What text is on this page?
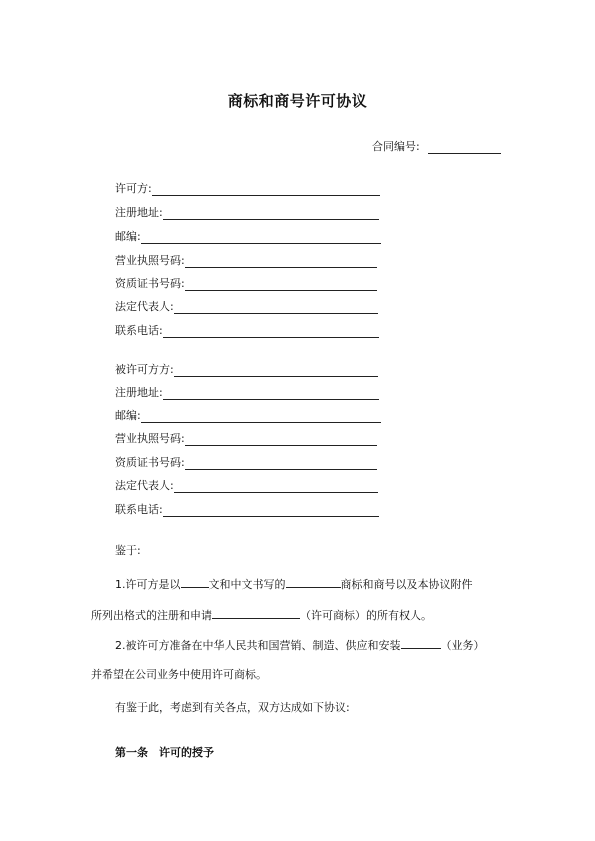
商标和商号许可协议
合同编号:
许可方:
注册地址:
邮编:
营业执照号码:
资质证书号码:
法定代表人:
联系电话:
被许可方方:
注册地址:
邮编:
营业执照号码:
资质证书号码:
法定代表人:
联系电话:
鉴于:
1.许可方是以	文和中文书写的	商标和商号以及本协议附件
所列出格式的注册和申请	（许可商标）的所有权人。
2.被许可方准备在中华人民共和国营销、制造、供应和安装	（业务）
并希望在公司业务中使用许可商标。
有鉴于此，考虑到有关各点，双方达成如下协议:
第一条　许可的授予
